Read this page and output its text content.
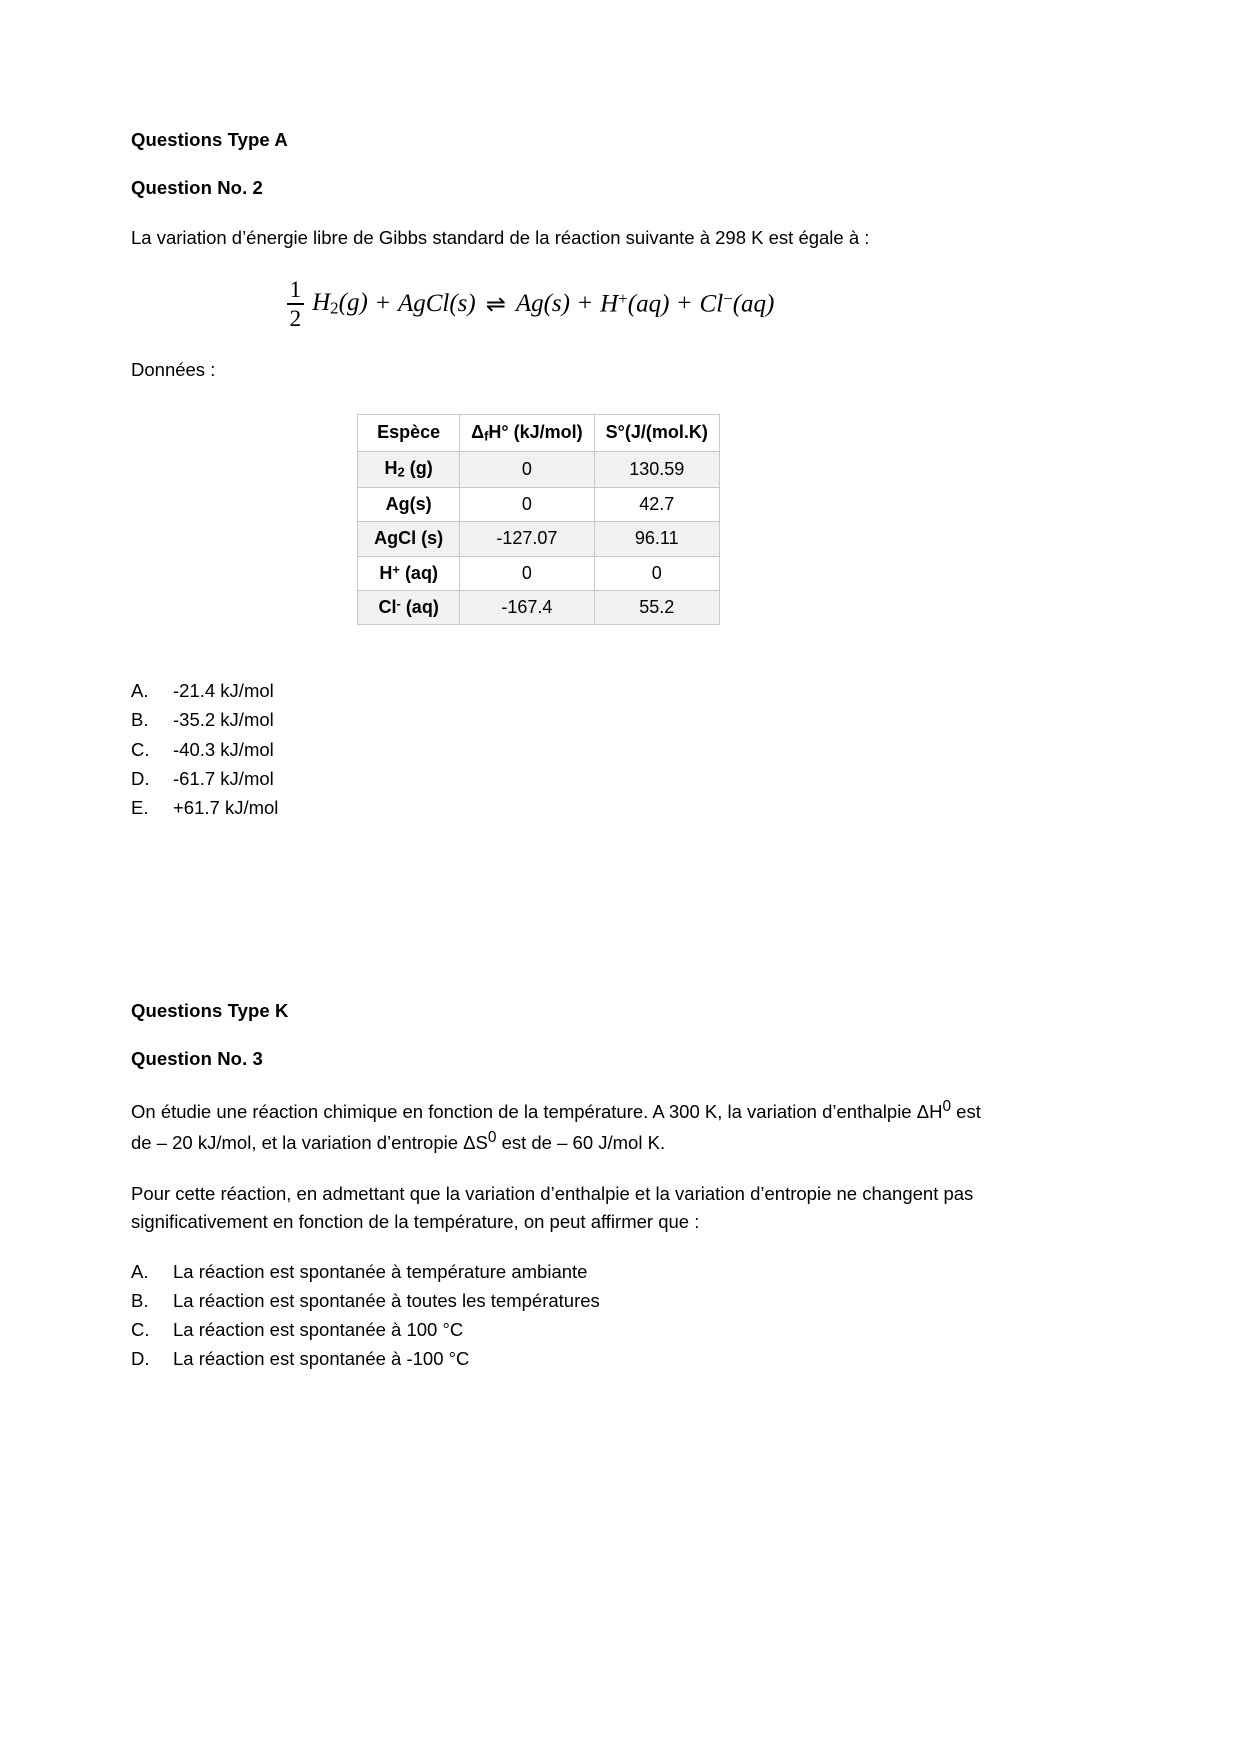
Questions Type A
Question No. 2
La variation d’énergie libre de Gibbs standard de la réaction suivante à 298 K est égale à :
$\frac{1}{2} H_2(g)$ + AgCl(s) ⇌ Ag(s) + H+(aq) + Cl−(aq)
Données :
Espèce	$\Delta_fH^\circ$ (kJ/mol)	S°(J/(mol.K)
$H_2$ (g)	0	130.59
Ag(s)	0	42.7
AgCl (s)	-127.07	96.11
H+ (aq)	0	0
Cl- (aq)	-167.4	55.2
A.	-21.4 kJ/mol
B.	-35.2 kJ/mol
C.	-40.3 kJ/mol
D.	-61.7 kJ/mol
E.	+61.7 kJ/mol
Questions Type K
Question No. 3
On étudie une réaction chimique en fonction de la température. A 300 K, la variation d’enthalpie $\Delta H^0$ est de – 20 kJ/mol, et la variation d’entropie $\Delta S^0$ est de – 60 J/mol K.
Pour cette réaction, en admettant que la variation d’enthalpie et la variation d’entropie ne changent pas significativement en fonction de la température, on peut affirmer que :
A.	La réaction est spontanée à température ambiante
B.	La réaction est spontanée à toutes les températures
C.	La réaction est spontanée à 100 °C
D.	La réaction est spontanée à -100 °C
